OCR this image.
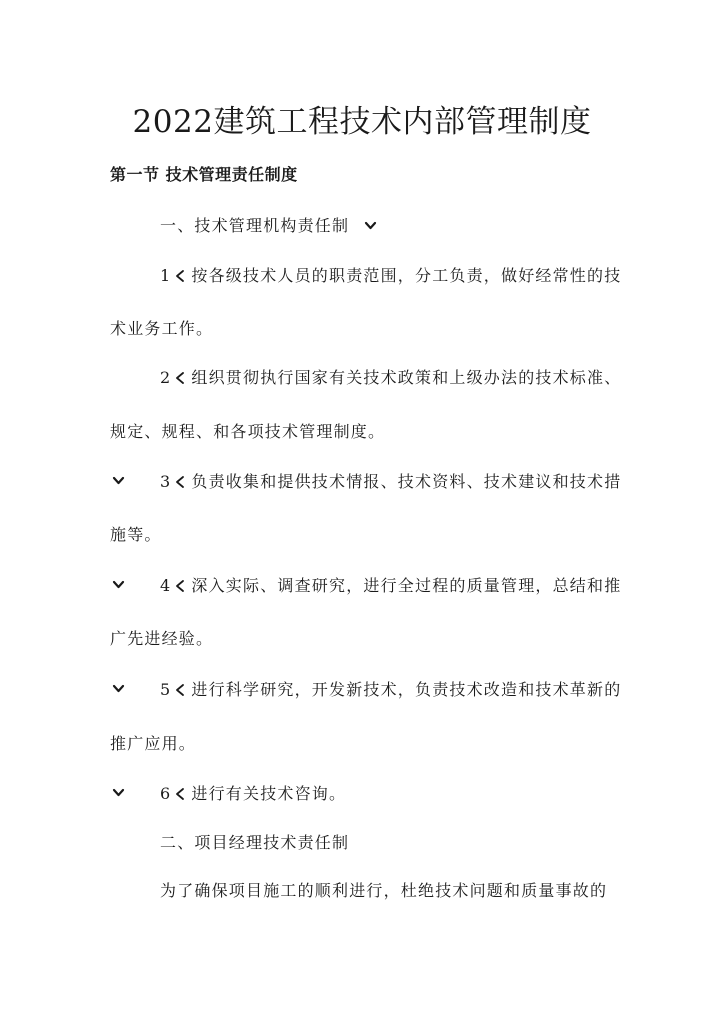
2022建筑工程技术内部管理制度
第一节 技术管理责任制度
一、技术管理机构责任制
1 按各级技术人员的职责范围，分工负责，做好经常性的技
术业务工作。
2 组织贯彻执行国家有关技术政策和上级办法的技术标准、
规定、规程、和各项技术管理制度。
3 负责收集和提供技术情报、技术资料、技术建议和技术措
施等。
4 深入实际、调查研究，进行全过程的质量管理，总结和推
广先进经验。
5 进行科学研究，开发新技术，负责技术改造和技术革新的
推广应用。
6 进行有关技术咨询。
二、项目经理技术责任制
为了确保项目施工的顺利进行，杜绝技术问题和质量事故的
